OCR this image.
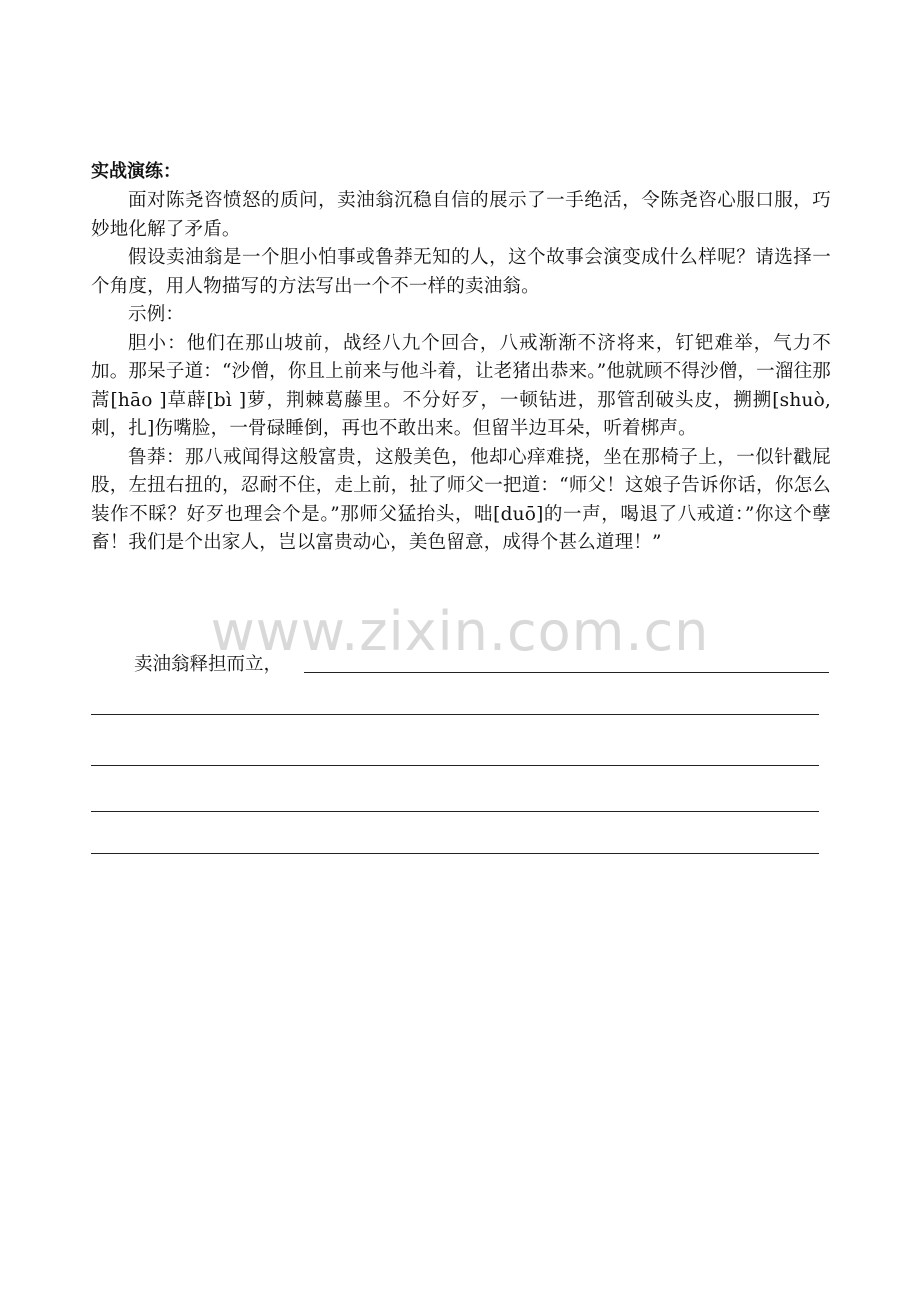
实战演练：

面对陈尧咨愤怒的质问，卖油翁沉稳自信的展示了一手绝活，令陈尧咨心服口服，巧妙地化解了矛盾。

假设卖油翁是一个胆小怕事或鲁莽无知的人，这个故事会演变成什么样呢？请选择一个角度，用人物描写的方法写出一个不一样的卖油翁。

示例：

胆小：他们在那山坡前，战经八九个回合，八戒渐渐不济将来，钉钯难举，气力不加。那呆子道：“沙僧，你且上前来与他斗着，让老猪出恭来。”他就顾不得沙僧，一溜往那蒿[hāo ]草薜[bì ]萝，荆棘葛藤里。不分好歹，一顿钻进，那管刮破头皮，搠搠[shuò,刺，扎]伤嘴脸，一骨碌睡倒，再也不敢出来。但留半边耳朵，听着梆声。

鲁莽：那八戒闻得这般富贵，这般美色，他却心痒难挠，坐在那椅子上，一似针戳屁股，左扭右扭的，忍耐不住，走上前，扯了师父一把道：“师父！这娘子告诉你话，你怎么装作不睬？好歹也理会个是。”那师父猛抬头，咄[duō]的一声，喝退了八戒道：”你这个孽畜！我们是个出家人，岂以富贵动心，美色留意，成得个甚么道理！”

www.zixin.com.cn
卖油翁释担而立，
